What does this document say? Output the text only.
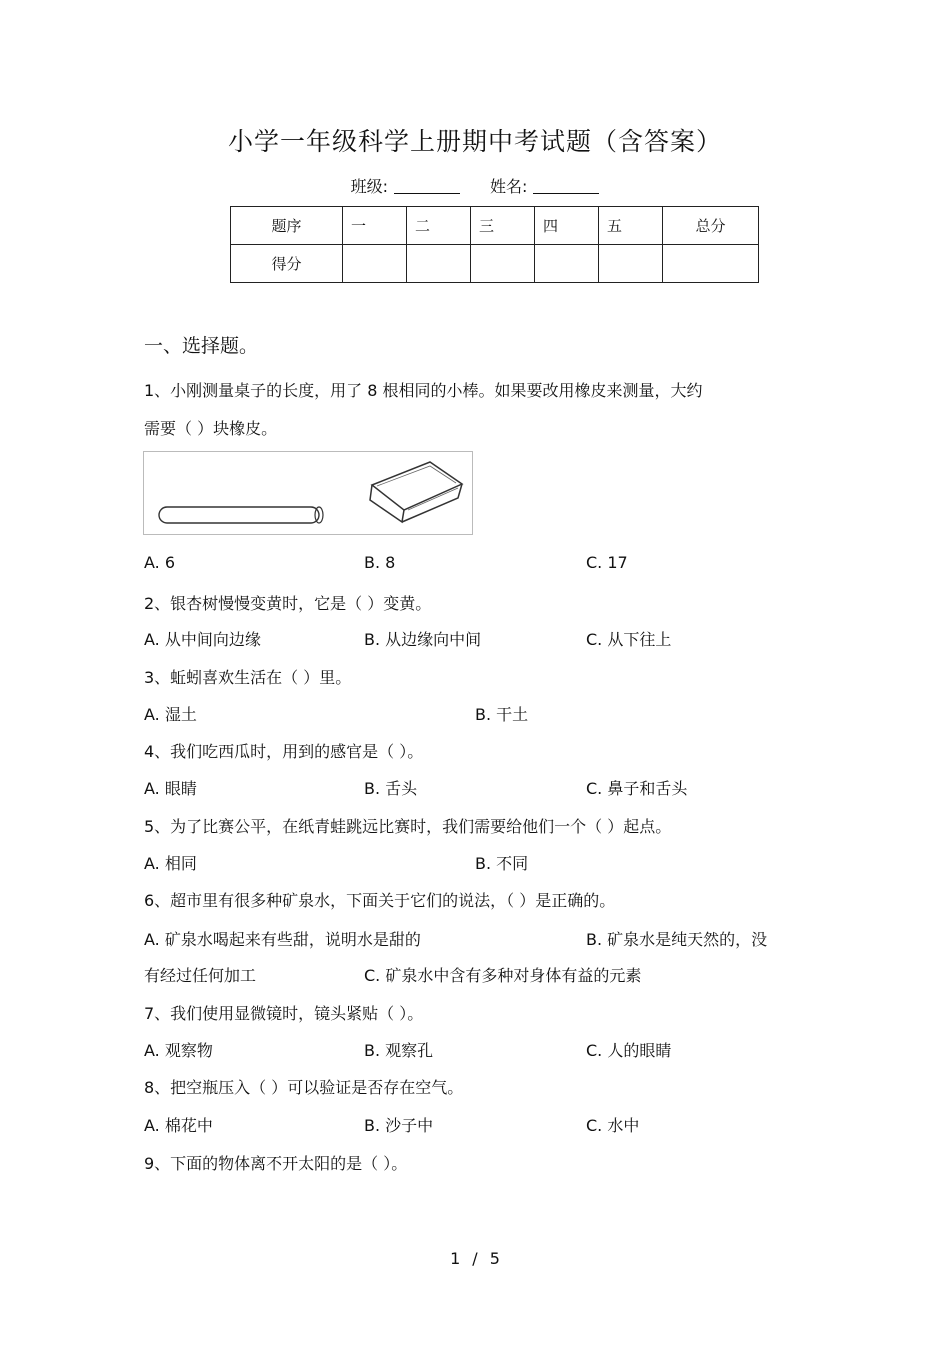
小学一年级科学上册期中考试题（含答案）
班级:	姓名:
题序	一	二	三	四	五	总分
得分						
一、选择题。
1、小刚测量桌子的长度，用了 8 根相同的小棒。如果要改用橡皮来测量，大约
需要（ ）块橡皮。
A. 6	B. 8	C. 17
2、银杏树慢慢变黄时，它是（ ）变黄。
A. 从中间向边缘	B. 从边缘向中间	C. 从下往上
3、蚯蚓喜欢生活在（ ）里。
A. 湿土	B. 干土
4、我们吃西瓜时，用到的感官是（ ）。
A. 眼睛	B. 舌头	C. 鼻子和舌头
5、为了比赛公平，在纸青蛙跳远比赛时，我们需要给他们一个（ ）起点。
A. 相同	B. 不同
6、超市里有很多种矿泉水，下面关于它们的说法，（ ）是正确的。
A. 矿泉水喝起来有些甜，说明水是甜的	B. 矿泉水是纯天然的，没
有经过任何加工	C. 矿泉水中含有多种对身体有益的元素
7、我们使用显微镜时，镜头紧贴（ ）。
A. 观察物	B. 观察孔	C. 人的眼睛
8、把空瓶压入（ ）可以验证是否存在空气。
A. 棉花中	B. 沙子中	C. 水中
9、下面的物体离不开太阳的是（ ）。
1 / 5
